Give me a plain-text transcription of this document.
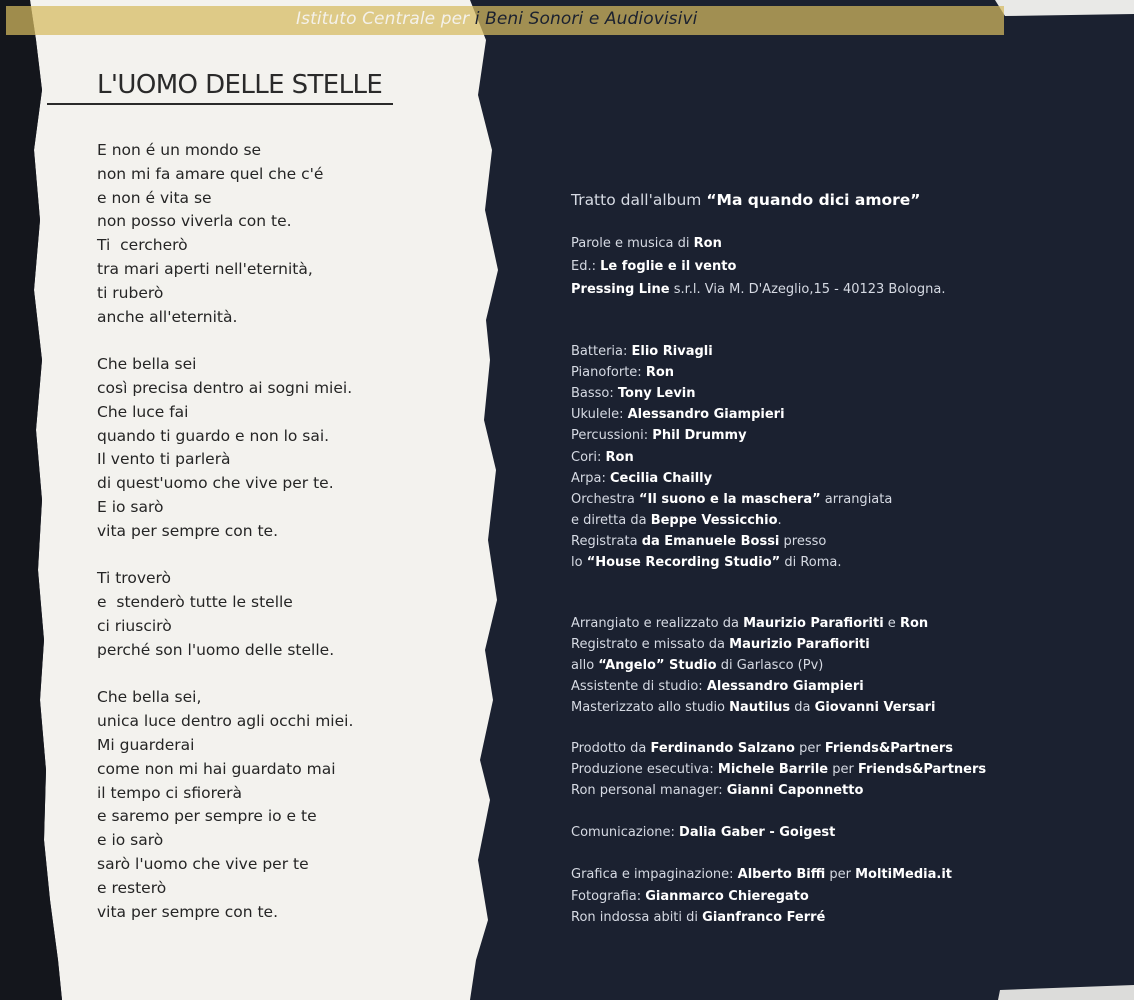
Istituto Centrale per i Beni Sonori e Audiovisivi
L'UOMO DELLE STELLE
E non é un mondo se
non mi fa amare quel che c'é
e non é vita se
non posso viverla con te.
Ti  cercherò
tra mari aperti nell'eternità,
ti ruberò
anche all'eternità.
Che bella sei
così precisa dentro ai sogni miei.
Che luce fai
quando ti guardo e non lo sai.
Il vento ti parlerà
di quest'uomo che vive per te.
E io sarò
vita per sempre con te.
Ti troverò
e  stenderò tutte le stelle
ci riuscirò
perché son l'uomo delle stelle.
Che bella sei,
unica luce dentro agli occhi miei.
Mi guarderai
come non mi hai guardato mai
il tempo ci sfiorerà
e saremo per sempre io e te
e io sarò
sarò l'uomo che vive per te
e resterò
vita per sempre con te.
Tratto dall'album “Ma quando dici amore”
Parole e musica di Ron
Ed.: Le foglie e il vento
Pressing Line s.r.l. Via M. D'Azeglio,15 - 40123 Bologna.
Batteria: Elio Rivagli
Pianoforte: Ron
Basso: Tony Levin
Ukulele: Alessandro Giampieri
Percussioni: Phil Drummy
Cori: Ron
Arpa: Cecilia Chailly
Orchestra “Il suono e la maschera” arrangiata
e diretta da Beppe Vessicchio.
Registrata da Emanuele Bossi presso
lo “House Recording Studio” di Roma.
Arrangiato e realizzato da Maurizio Parafioriti e Ron
Registrato e missato da Maurizio Parafioriti
allo “Angelo” Studio di Garlasco (Pv)
Assistente di studio: Alessandro Giampieri
Masterizzato allo studio Nautilus da Giovanni Versari
Prodotto da Ferdinando Salzano per Friends&Partners
Produzione esecutiva: Michele Barrile per Friends&Partners
Ron personal manager: Gianni Caponnetto
Comunicazione: Dalia Gaber - Goigest
Grafica e impaginazione: Alberto Biffi per MoltiMedia.it
Fotografia: Gianmarco Chieregato
Ron indossa abiti di Gianfranco Ferré
